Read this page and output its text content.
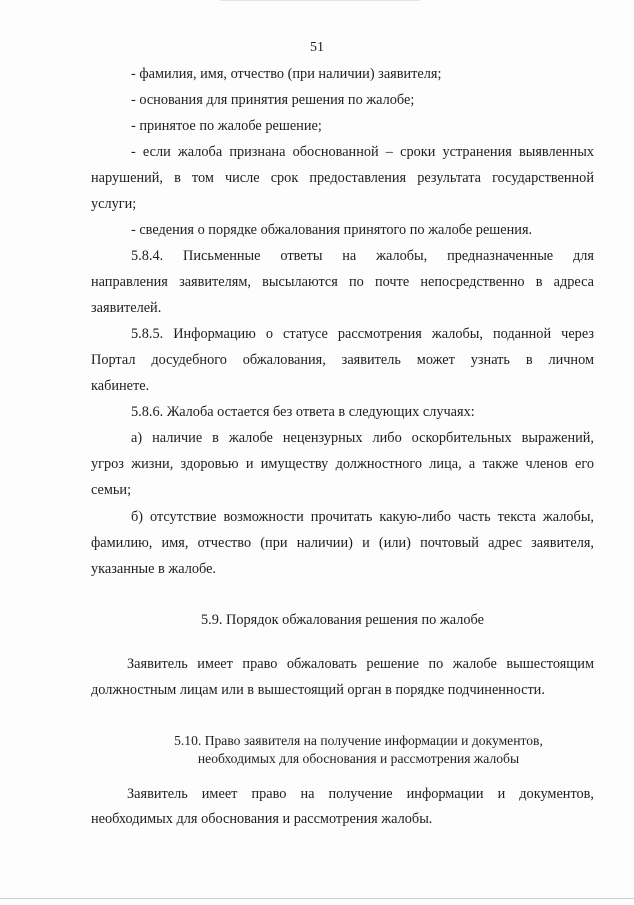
51
- фамилия, имя, отчество (при наличии) заявителя;
- основания для принятия решения по жалобе;
- принятое по жалобе решение;
- если жалоба признана обоснованной – сроки устранения выявленных
нарушений, в том числе срок предоставления результата государственной
услуги;
- сведения о порядке обжалования принятого по жалобе решения.
5.8.4. Письменные ответы на жалобы, предназначенные для
направления заявителям, высылаются по почте непосредственно в адреса
заявителей.
5.8.5. Информацию о статусе рассмотрения жалобы, поданной через
Портал досудебного обжалования, заявитель может узнать в личном
кабинете.
5.8.6. Жалоба остается без ответа в следующих случаях:
а) наличие в жалобе нецензурных либо оскорбительных выражений,
угроз жизни, здоровью и имуществу должностного лица, а также членов его
семьи;
б) отсутствие возможности прочитать какую-либо часть текста жалобы,
фамилию, имя, отчество (при наличии) и (или) почтовый адрес заявителя,
указанные в жалобе.
5.9. Порядок обжалования решения по жалобе
Заявитель имеет право обжаловать решение по жалобе вышестоящим
должностным лицам или в вышестоящий орган в порядке подчиненности.
5.10. Право заявителя на получение информации и документов,
необходимых для обоснования и рассмотрения жалобы
Заявитель имеет право на получение информации и документов,
необходимых для обоснования и рассмотрения жалобы.
